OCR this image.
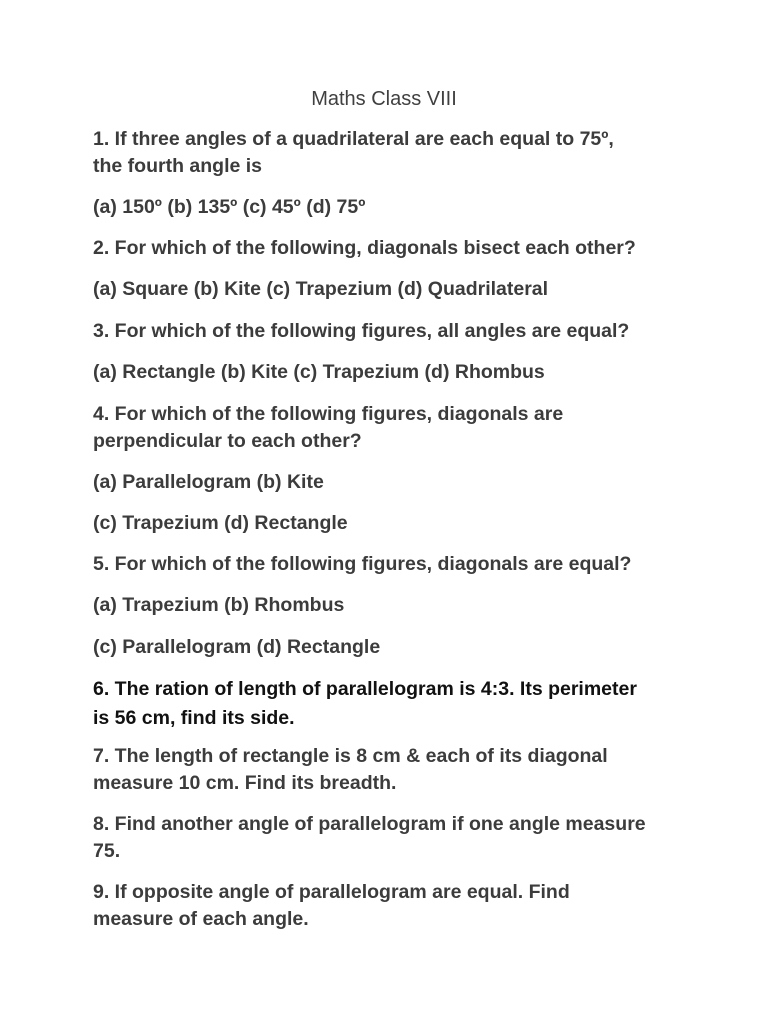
Maths Class VIII
1. If three angles of a quadrilateral are each equal to 75º,
the fourth angle is
(a) 150º (b) 135º (c) 45º (d) 75º
2. For which of the following, diagonals bisect each other?
(a) Square (b) Kite (c) Trapezium (d) Quadrilateral
3. For which of the following figures, all angles are equal?
(a) Rectangle (b) Kite (c) Trapezium (d) Rhombus
4. For which of the following figures, diagonals are
perpendicular to each other?
(a) Parallelogram (b) Kite
(c) Trapezium (d) Rectangle
5. For which of the following figures, diagonals are equal?
(a) Trapezium (b) Rhombus
(c) Parallelogram (d) Rectangle
6. The ration of length of parallelogram is 4:3. Its perimeter
is 56 cm, find its side.
7. The length of rectangle is 8 cm & each of its diagonal
measure 10 cm. Find its breadth.
8. Find another angle of parallelogram if one angle measure
75.
9. If opposite angle of parallelogram are equal. Find
measure of each angle.
